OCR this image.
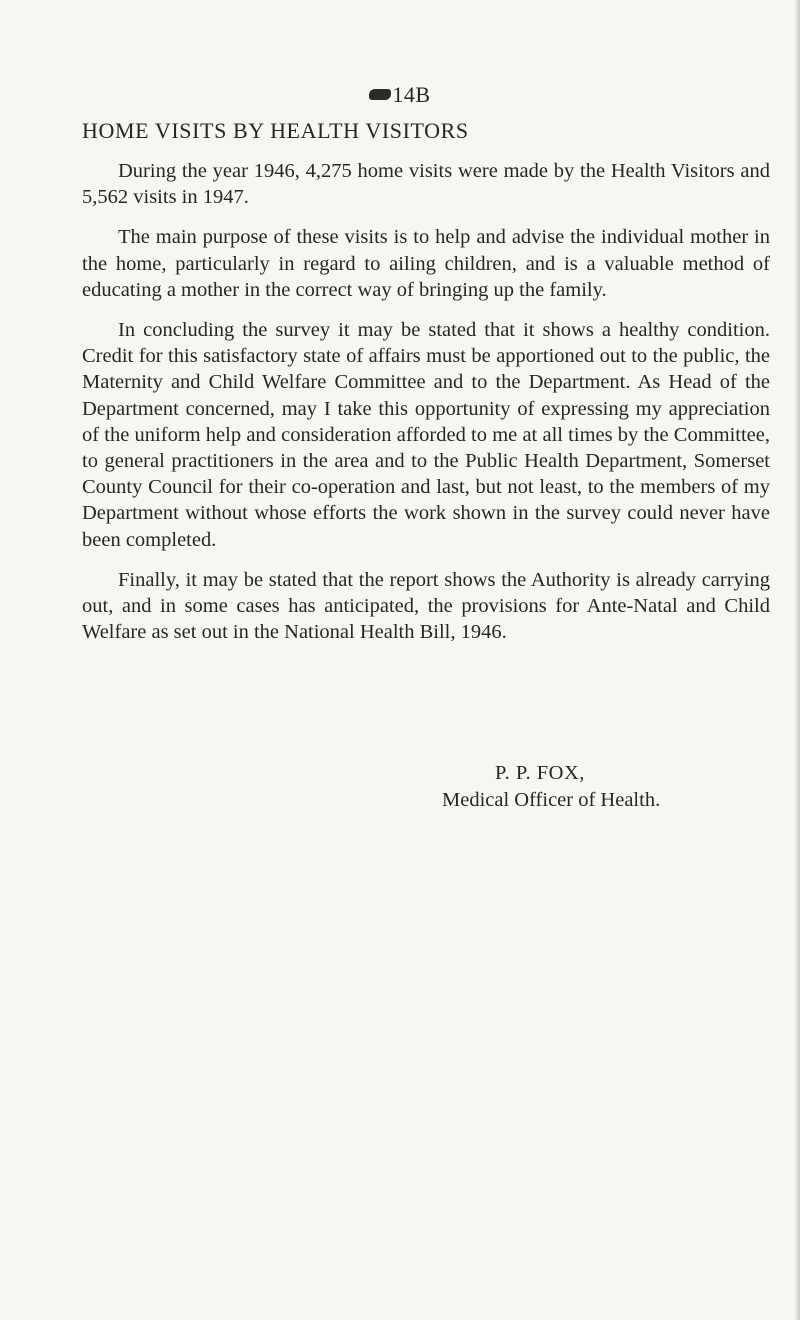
14B
HOME VISITS BY HEALTH VISITORS

During the year 1946, 4,275 home visits were made by the Health Visitors and 5,562 visits in 1947.

The main purpose of these visits is to help and advise the individual mother in the home, particularly in regard to ailing children, and is a valuable method of educating a mother in the correct way of bringing up the family.

In concluding the survey it may be stated that it shows a healthy condition. Credit for this satisfactory state of affairs must be apportioned out to the public, the Maternity and Child Welfare Committee and to the Department. As Head of the Department concerned, may I take this opportunity of expressing my appreciation of the uniform help and consideration afforded to me at all times by the Committee, to general practitioners in the area and to the Public Health Department, Somerset County Council for their co-operation and last, but not least, to the members of my Department without whose efforts the work shown in the survey could never have been completed.

Finally, it may be stated that the report shows the Authority is already carrying out, and in some cases has anticipated, the provisions for Ante-Natal and Child Welfare as set out in the National Health Bill, 1946.

P. P. FOX,
Medical Officer of Health.
